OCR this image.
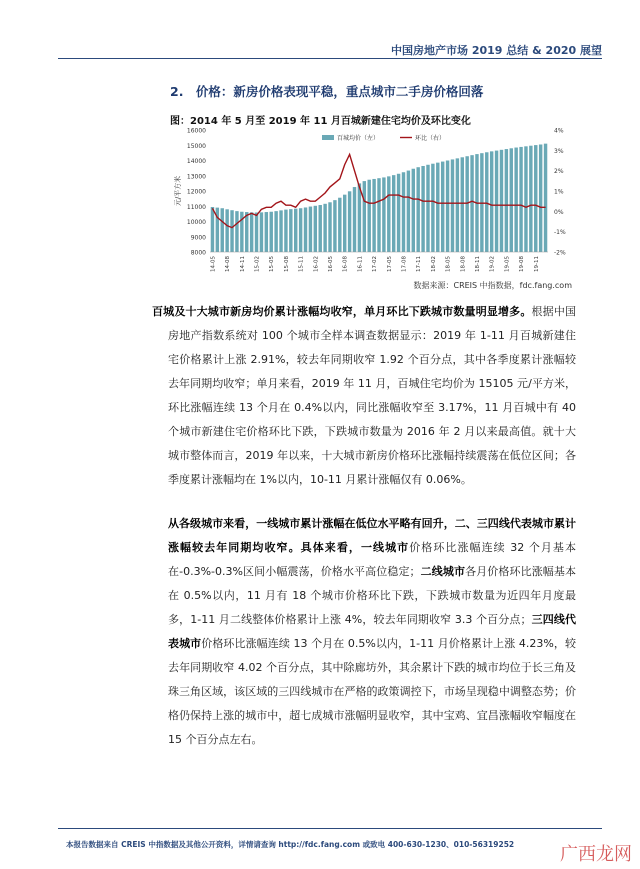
中国房地产市场 2019 总结 & 2020 展望
2. 价格：新房价格表现平稳，重点城市二手房价格回落
图：2014 年 5 月至 2019 年 11 月百城新建住宅均价及环比变化
8000
9000
10000
11000
12000
13000
14000
15000
16000
-2%
-1%
0%
1%
2%
3%
4%
元/平方米
14-05 14-08 14-11 15-02 15-05 15-08 15-11 16-02 16-05 16-08 16-11 17-02 17-05 17-08 17-11 18-02 18-05 18-08 18-11 19-02 19-05 19-08 19-11
百城均价（左）	环比（右）
数据来源：CREIS 中指数据，fdc.fang.com
百城及十大城市新房均价累计涨幅均收窄，单月环比下跌城市数量明显增多。根据中国房地产指数系统对 100 个城市全样本调查数据显示：2019 年 1-11 月百城新建住宅价格累计上涨 2.91%，较去年同期收窄 1.92 个百分点，其中各季度累计涨幅较去年同期均收窄；单月来看，2019 年 11 月，百城住宅均价为 15105 元/平方米，环比涨幅连续 13 个月在 0.4%以内，同比涨幅收窄至 3.17%，11 月百城中有 40 个城市新建住宅价格环比下跌，下跌城市数量为 2016 年 2 月以来最高值。就十大城市整体而言，2019 年以来，十大城市新房价格环比涨幅持续震荡在低位区间；各季度累计涨幅均在 1%以内，10-11 月累计涨幅仅有 0.06%。
从各级城市来看，一线城市累计涨幅在低位水平略有回升，二、三四线代表城市累计涨幅较去年同期均收窄。具体来看，一线城市价格环比涨幅连续 32 个月基本在-0.3%-0.3%区间小幅震荡，价格水平高位稳定；二线城市各月价格环比涨幅基本在 0.5%以内，11 月有 18 个城市价格环比下跌，下跌城市数量为近四年月度最多，1-11 月二线整体价格累计上涨 4%，较去年同期收窄 3.3 个百分点；三四线代表城市价格环比涨幅连续 13 个月在 0.5%以内，1-11 月价格累计上涨 4.23%，较去年同期收窄 4.02 个百分点，其中除廊坊外，其余累计下跌的城市均位于长三角及珠三角区域，该区域的三四线城市在严格的政策调控下，市场呈现稳中调整态势；价格仍保持上涨的城市中，超七成城市涨幅明显收窄，其中宝鸡、宜昌涨幅收窄幅度在 15 个百分点左右。
本报告数据来自 CREIS 中指数据及其他公开资料，详情请查询 http://fdc.fang.com 或致电 400-630-1230、010-56319252	广西龙网
